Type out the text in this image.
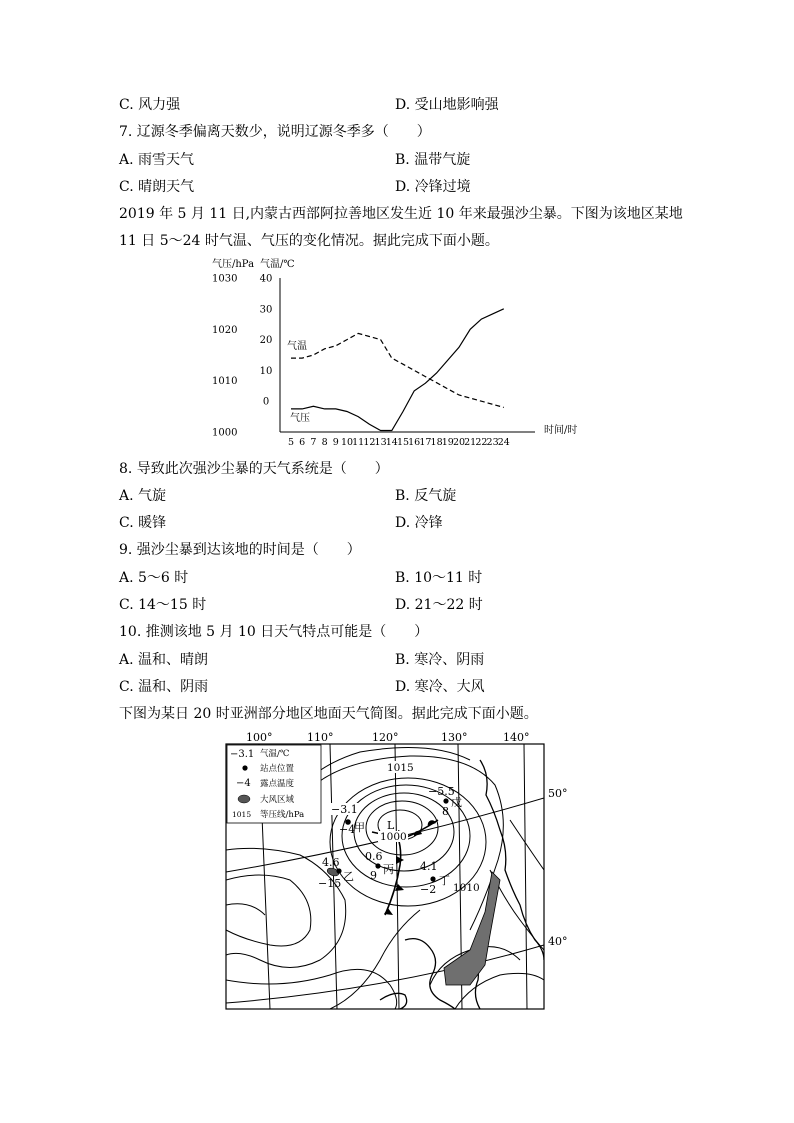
C. 风力强	D. 受山地影响强
7. 辽源冬季偏离天数少，说明辽源冬季多（　　）
A. 雨雪天气	B. 温带气旋
C. 晴朗天气	D. 冷锋过境
2019 年 5 月 11 日,内蒙古西部阿拉善地区发生近 10 年来最强沙尘暴。下图为该地区某地 11 日 5～24 时气温、气压的变化情况。据此完成下面小题。
气压/hPa 气温/℃
时间/时
1030
1020
1010
1000
40
30
20
10
0
5 6 7 8 9 10 11 12 13 14 15 16 17 18 19 20 21 22 23 24
气温
气压
8. 导致此次强沙尘暴的天气系统是（　　）
A. 气旋	B. 反气旋
C. 暖锋	D. 冷锋
9. 强沙尘暴到达该地的时间是（　　）
A. 5～6 时	B. 10～11 时
C. 14～15 时	D. 21～22 时
10. 推测该地 5 月 10 日天气特点可能是（　　）
A. 温和、晴朗	B. 寒冷、阴雨
C. 温和、阴雨	D. 寒冷、大风
下图为某日 20 时亚洲部分地区地面天气简图。据此完成下面小题。
100°	110°	120°	130°	140°
50°
40°
−3.1 气温/℃
站点位置
−4 露点温度
大风区域
1015 等压线/hPa
1015
1000
L
1010
−3.1
−4
甲
4.6
−15
乙
0.6
9 丙 4.1
−2
丁
−5.5
8
戊
